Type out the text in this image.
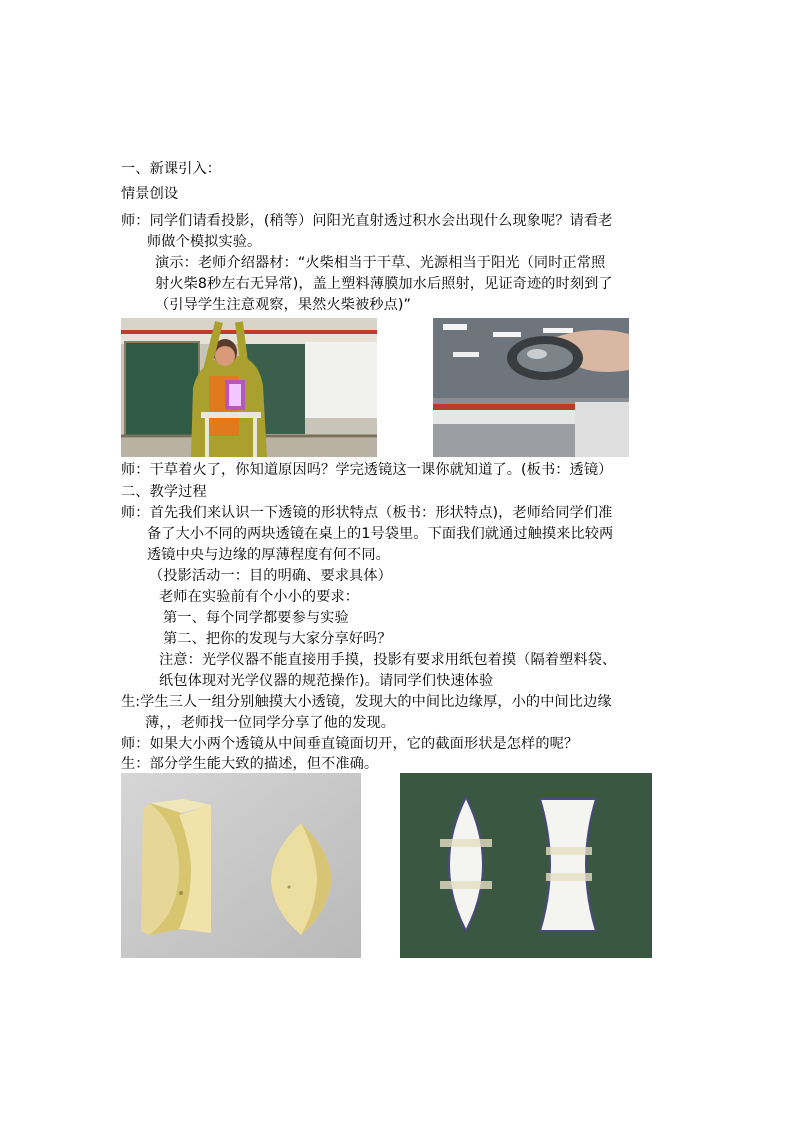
一、新课引入：
情景创设
师：同学们请看投影，(稍等）问阳光直射透过积水会出现什么现象呢？请看老
师做个模拟实验。
演示：老师介绍器材：“火柴相当于干草、光源相当于阳光（同时正常照
射火柴8秒左右无异常)，盖上塑料薄膜加水后照射，见证奇迹的时刻到了
（引导学生注意观察，果然火柴被秒点)”
师：干草着火了，你知道原因吗？学完透镜这一课你就知道了。(板书：透镜）
二、教学过程
师：首先我们来认识一下透镜的形状特点（板书：形状特点)，老师给同学们准
备了大小不同的两块透镜在桌上的1号袋里。下面我们就通过触摸来比较两
透镜中央与边缘的厚薄程度有何不同。
（投影活动一：目的明确、要求具体）
老师在实验前有个小小的要求：
第一、每个同学都要参与实验
第二、把你的发现与大家分享好吗？
注意：光学仪器不能直接用手摸，投影有要求用纸包着摸（隔着塑料袋、
纸包体现对光学仪器的规范操作)。请同学们快速体验
生:学生三人一组分别触摸大小透镜，发现大的中间比边缘厚，小的中间比边缘
薄，，老师找一位同学分享了他的发现。
师：如果大小两个透镜从中间垂直镜面切开，它的截面形状是怎样的呢？
生：部分学生能大致的描述，但不准确。
